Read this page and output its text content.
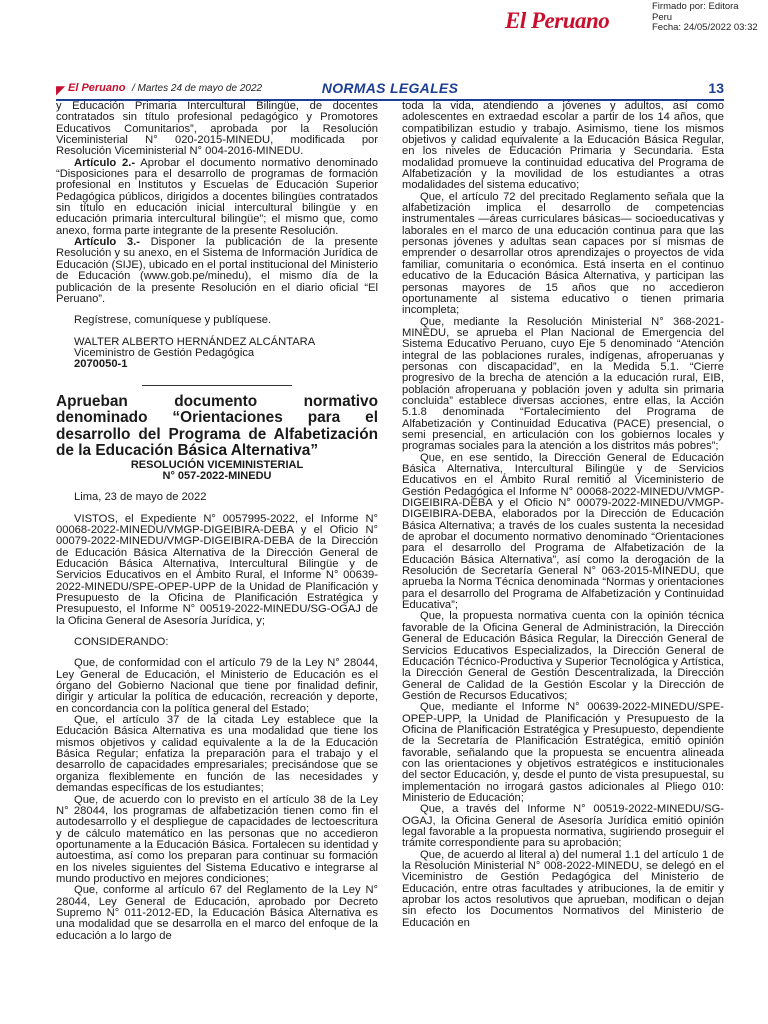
El Peruano
Firmado por: Editora
Peru
Fecha: 24/05/2022 03:32
◤ El Peruano / Martes 24 de mayo de 2022	NORMAS LEGALES	13

y Educación Primaria Intercultural Bilingüe, de docentes contratados sin título profesional pedagógico y Promotores Educativos Comunitarios”, aprobada por la Resolución Viceministerial N° 020-2015-MINEDU, modificada por Resolución Viceministerial N° 004-2016-MINEDU.

Artículo 2.- Aprobar el documento normativo denominado “Disposiciones para el desarrollo de programas de formación profesional en Institutos y Escuelas de Educación Superior Pedagógica públicos, dirigidos a docentes bilingües contratados sin título en educación inicial intercultural bilingüe y en educación primaria intercultural bilingüe”; el mismo que, como anexo, forma parte integrante de la presente Resolución.

Artículo 3.- Disponer la publicación de la presente Resolución y su anexo, en el Sistema de Información Jurídica de Educación (SIJE), ubicado en el portal institucional del Ministerio de Educación (www.gob.pe/minedu), el mismo día de la publicación de la presente Resolución en el diario oficial “El Peruano”.

Regístrese, comuníquese y publíquese.

WALTER ALBERTO HERNÁNDEZ ALCÁNTARA

Viceministro de Gestión Pedagógica

2070050-1

Aprueban documento normativo denominado “Orientaciones para el desarrollo del Programa de Alfabetización de la Educación Básica Alternativa”

RESOLUCIÓN VICEMINISTERIAL

N° 057-2022-MINEDU

Lima, 23 de mayo de 2022

VISTOS, el Expediente N° 0057995-2022, el Informe N° 00068-2022-MINEDU/VMGP-DIGEIBIRA-DEBA y el Oficio N° 00079-2022-MINEDU/VMGP-DIGEIBIRA-DEBA de la Dirección de Educación Básica Alternativa de la Dirección General de Educación Básica Alternativa, Intercultural Bilingüe y de Servicios Educativos en el Ámbito Rural, el Informe N° 00639-2022-MINEDU/SPE-OPEP-UPP de la Unidad de Planificación y Presupuesto de la Oficina de Planificación Estratégica y Presupuesto, el Informe N° 00519-2022-MINEDU/SG-OGAJ de la Oficina General de Asesoría Jurídica, y;

CONSIDERANDO:

Que, de conformidad con el artículo 79 de la Ley N° 28044, Ley General de Educación, el Ministerio de Educación es el órgano del Gobierno Nacional que tiene por finalidad definir, dirigir y articular la política de educación, recreación y deporte, en concordancia con la política general del Estado;

Que, el artículo 37 de la citada Ley establece que la Educación Básica Alternativa es una modalidad que tiene los mismos objetivos y calidad equivalente a la de la Educación Básica Regular; enfatiza la preparación para el trabajo y el desarrollo de capacidades empresariales; precisándose que se organiza flexiblemente en función de las necesidades y demandas específicas de los estudiantes;

Que, de acuerdo con lo previsto en el artículo 38 de la Ley N° 28044, los programas de alfabetización tienen como fin el autodesarrollo y el despliegue de capacidades de lectoescritura y de cálculo matemático en las personas que no accedieron oportunamente a la Educación Básica. Fortalecen su identidad y autoestima, así como los preparan para continuar su formación en los niveles siguientes del Sistema Educativo e integrarse al mundo productivo en mejores condiciones;

Que, conforme al artículo 67 del Reglamento de la Ley N° 28044, Ley General de Educación, aprobado por Decreto Supremo N° 011-2012-ED, la Educación Básica Alternativa es una modalidad que se desarrolla en el marco del enfoque de la educación a lo largo de

toda la vida, atendiendo a jóvenes y adultos, así como adolescentes en extraedad escolar a partir de los 14 años, que compatibilizan estudio y trabajo. Asimismo, tiene los mismos objetivos y calidad equivalente a la Educación Básica Regular, en los niveles de Educación Primaria y Secundaria. Esta modalidad promueve la continuidad educativa del Programa de Alfabetización y la movilidad de los estudiantes a otras modalidades del sistema educativo;

Que, el artículo 72 del precitado Reglamento señala que la alfabetización implica el desarrollo de competencias instrumentales —áreas curriculares básicas— socioeducativas y laborales en el marco de una educación continua para que las personas jóvenes y adultas sean capaces por sí mismas de emprender o desarrollar otros aprendizajes o proyectos de vida familiar, comunitaria o económica. Está inserta en el continuo educativo de la Educación Básica Alternativa, y participan las personas mayores de 15 años que no accedieron oportunamente al sistema educativo o tienen primaria incompleta;

Que, mediante la Resolución Ministerial N° 368-2021-MINEDU, se aprueba el Plan Nacional de Emergencia del Sistema Educativo Peruano, cuyo Eje 5 denominado “Atención integral de las poblaciones rurales, indígenas, afroperuanas y personas con discapacidad”, en la Medida 5.1. “Cierre progresivo de la brecha de atención a la educación rural, EIB, población afroperuana y población joven y adulta sin primaria concluida” establece diversas acciones, entre ellas, la Acción 5.1.8 denominada “Fortalecimiento del Programa de Alfabetización y Continuidad Educativa (PACE) presencial, o semi presencial, en articulación con los gobiernos locales y programas sociales para la atención a los distritos más pobres”;

Que, en ese sentido, la Dirección General de Educación Básica Alternativa, Intercultural Bilingüe y de Servicios Educativos en el Ámbito Rural remitió al Viceministerio de Gestión Pedagógica el Informe N° 00068-2022-MINEDU/VMGP-DIGEIBIRA-DEBA y el Oficio N° 00079-2022-MINEDU/VMGP-DIGEIBIRA-DEBA, elaborados por la Dirección de Educación Básica Alternativa; a través de los cuales sustenta la necesidad de aprobar el documento normativo denominado “Orientaciones para el desarrollo del Programa de Alfabetización de la Educación Básica Alternativa”, así como la derogación de la Resolución de Secretaría General N° 063-2015-MINEDU, que aprueba la Norma Técnica denominada “Normas y orientaciones para el desarrollo del Programa de Alfabetización y Continuidad Educativa”;

Que, la propuesta normativa cuenta con la opinión técnica favorable de la Oficina General de Administración, la Dirección General de Educación Básica Regular, la Dirección General de Servicios Educativos Especializados, la Dirección General de Educación Técnico-Productiva y Superior Tecnológica y Artística, la Dirección General de Gestión Descentralizada, la Dirección General de Calidad de la Gestión Escolar y la Dirección de Gestión de Recursos Educativos;

Que, mediante el Informe N° 00639-2022-MINEDU/SPE-OPEP-UPP, la Unidad de Planificación y Presupuesto de la Oficina de Planificación Estratégica y Presupuesto, dependiente de la Secretaría de Planificación Estratégica, emitió opinión favorable, señalando que la propuesta se encuentra alineada con las orientaciones y objetivos estratégicos e institucionales del sector Educación, y, desde el punto de vista presupuestal, su implementación no irrogará gastos adicionales al Pliego 010: Ministerio de Educación;

Que, a través del Informe N° 00519-2022-MINEDU/SG-OGAJ, la Oficina General de Asesoría Jurídica emitió opinión legal favorable a la propuesta normativa, sugiriendo proseguir el trámite correspondiente para su aprobación;

Que, de acuerdo al literal a) del numeral 1.1 del artículo 1 de la Resolución Ministerial N° 008-2022-MINEDU, se delegó en el Viceministro de Gestión Pedagógica del Ministerio de Educación, entre otras facultades y atribuciones, la de emitir y aprobar los actos resolutivos que aprueban, modifican o dejan sin efecto los Documentos Normativos del Ministerio de Educación en
